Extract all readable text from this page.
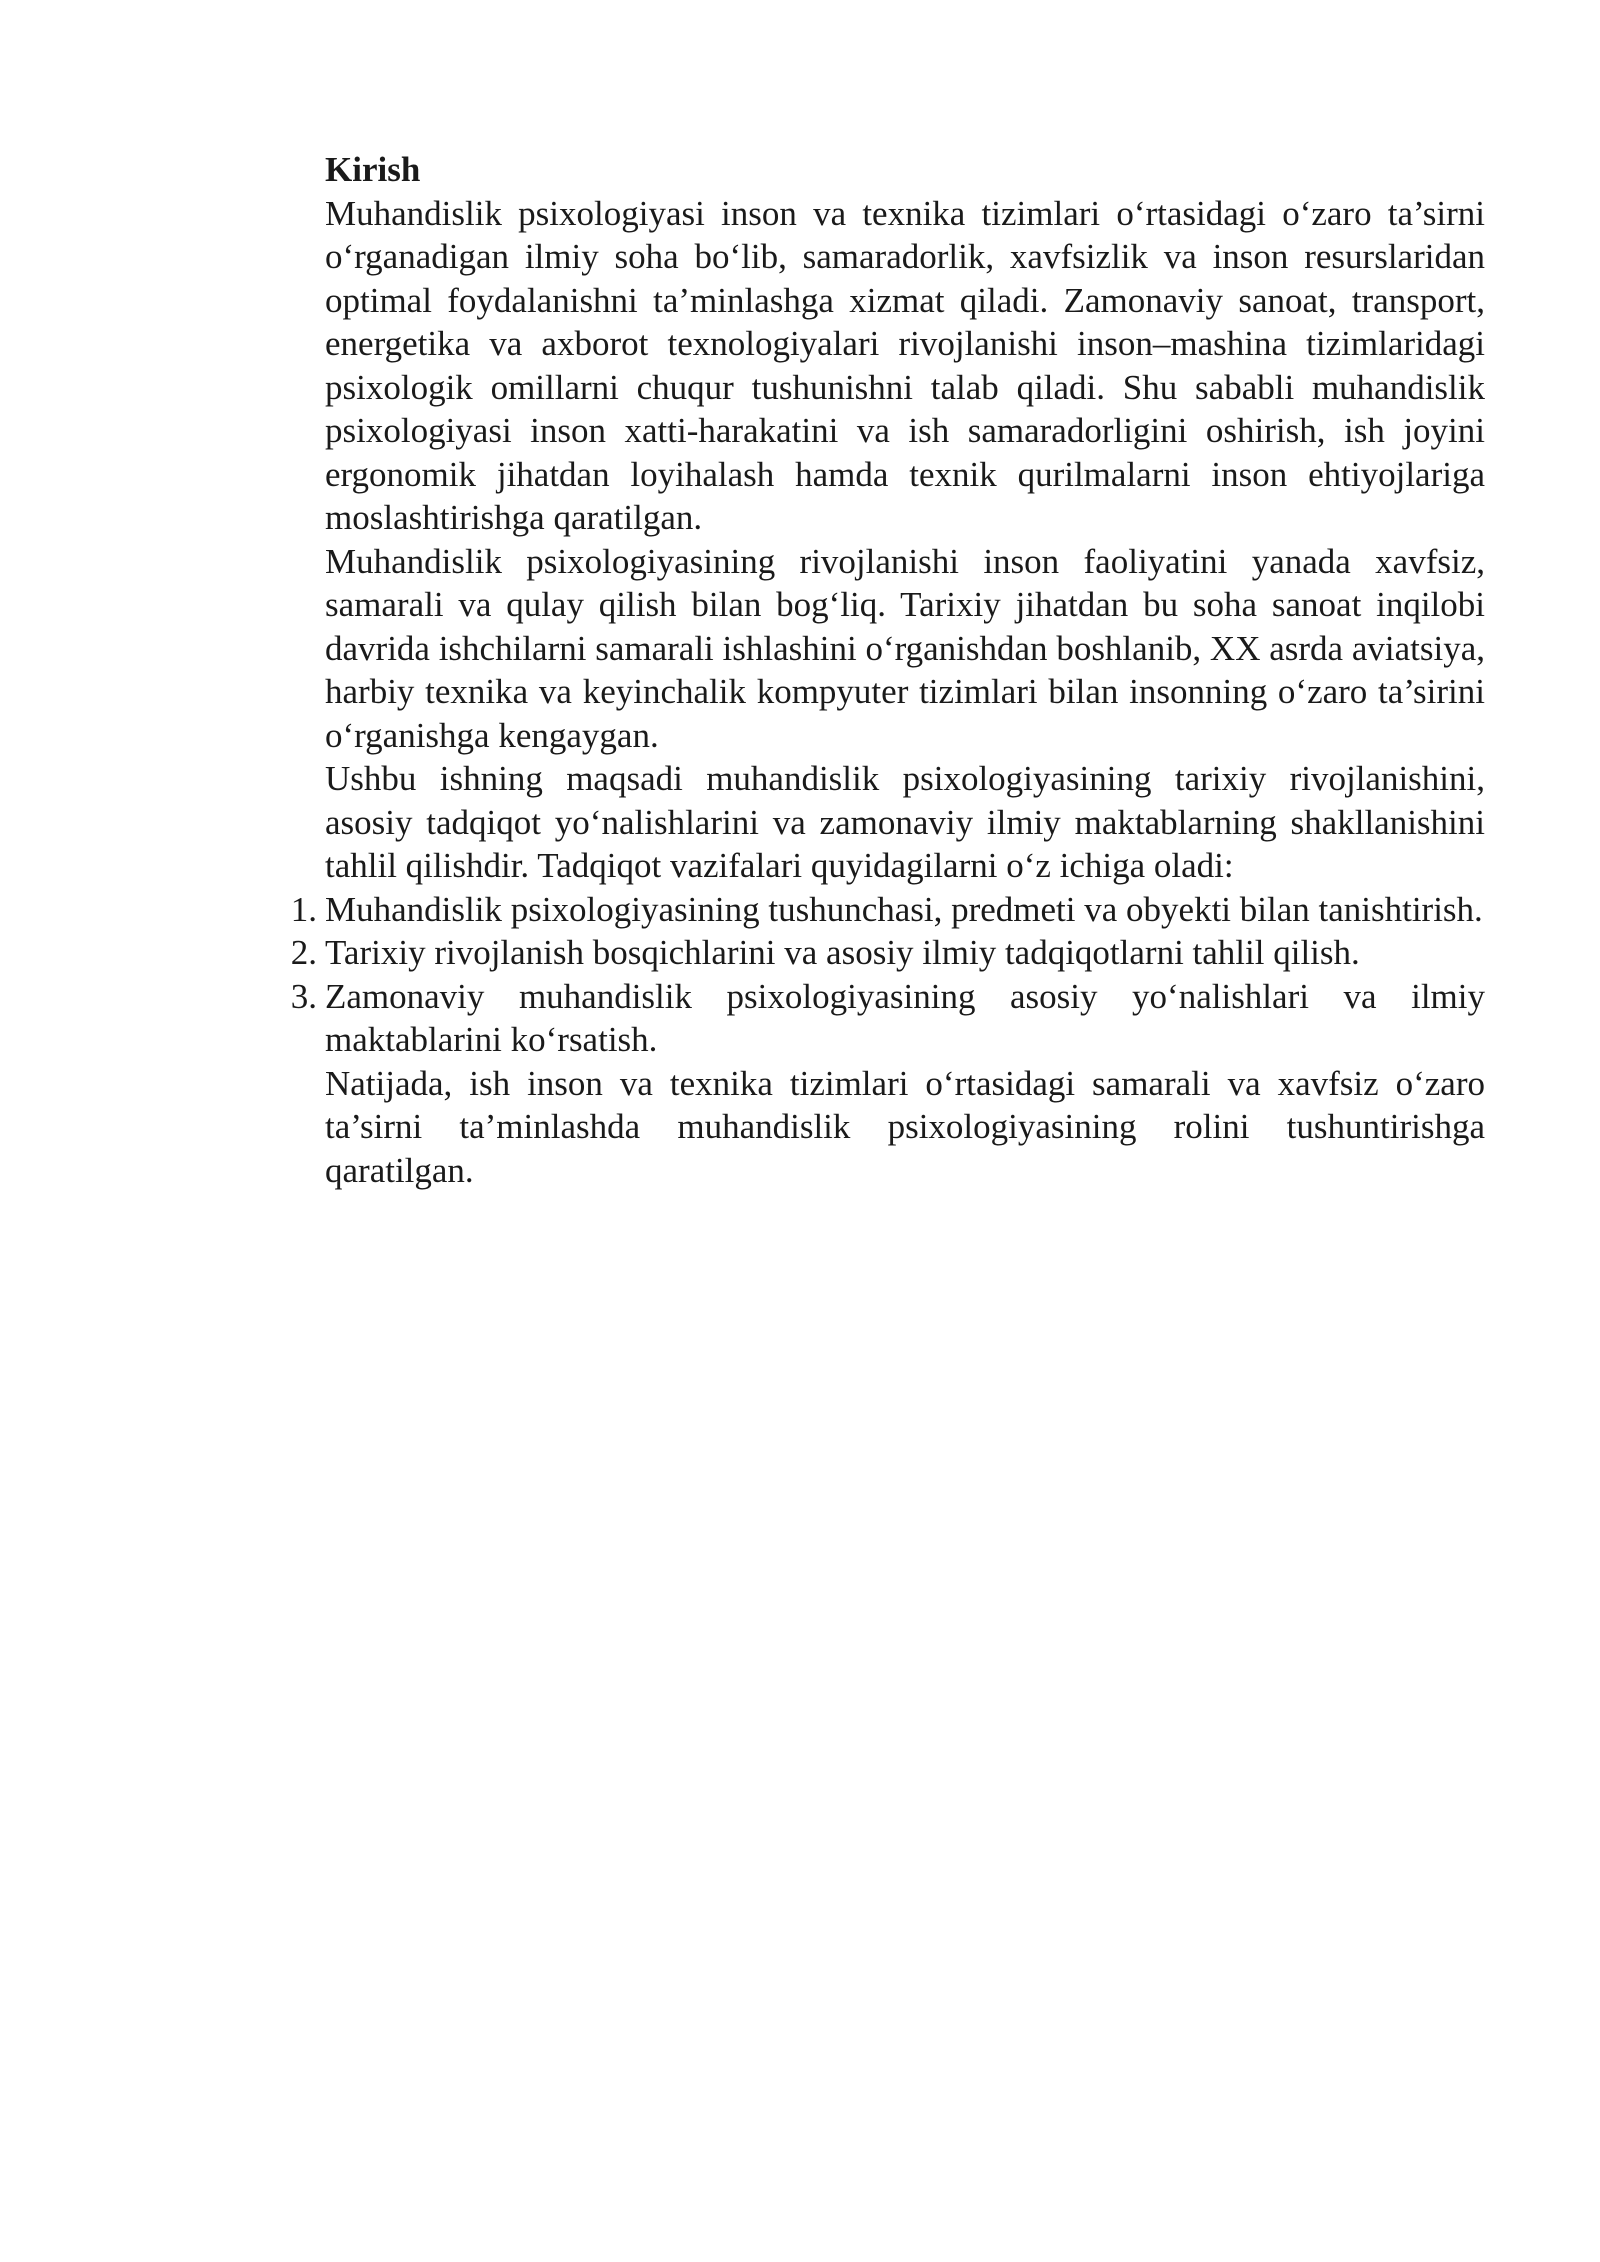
Kirish

Muhandislik psixologiyasi inson va texnika tizimlari o‘rtasidagi o‘zaro ta’sirni o‘rganadigan ilmiy soha bo‘lib, samaradorlik, xavfsizlik va inson resurslaridan optimal foydalanishni ta’minlashga xizmat qiladi. Zamonaviy sanoat, transport, energetika va axborot texnologiyalari rivojlanishi inson–mashina tizimlaridagi psixologik omillarni chuqur tushunishni talab qiladi. Shu sababli muhandislik psixologiyasi inson xatti-harakatini va ish samaradorligini oshirish, ish joyini ergonomik jihatdan loyihalash hamda texnik qurilmalarni inson ehtiyojlariga moslashtirishga qaratilgan.

Muhandislik psixologiyasining rivojlanishi inson faoliyatini yanada xavfsiz, samarali va qulay qilish bilan bog‘liq. Tarixiy jihatdan bu soha sanoat inqilobi davrida ishchilarni samarali ishlashini o‘rganishdan boshlanib, XX asrda aviatsiya, harbiy texnika va keyinchalik kompyuter tizimlari bilan insonning o‘zaro ta’sirini o‘rganishga kengaygan.

Ushbu ishning maqsadi muhandislik psixologiyasining tarixiy rivojlanishini, asosiy tadqiqot yo‘nalishlarini va zamonaviy ilmiy maktablarning shakllanishini tahlil qilishdir. Tadqiqot vazifalari quyidagilarni o‘z ichiga oladi:

1. Muhandislik psixologiyasining tushunchasi, predmeti va obyekti bilan tanishtirish.
2. Tarixiy rivojlanish bosqichlarini va asosiy ilmiy tadqiqotlarni tahlil qilish.
3. Zamonaviy muhandislik psixologiyasining asosiy yo‘nalishlari va ilmiy maktablarini ko‘rsatish.

Natijada, ish inson va texnika tizimlari o‘rtasidagi samarali va xavfsiz o‘zaro ta’sirni ta’minlashda muhandislik psixologiyasining rolini tushuntirishga qaratilgan.
